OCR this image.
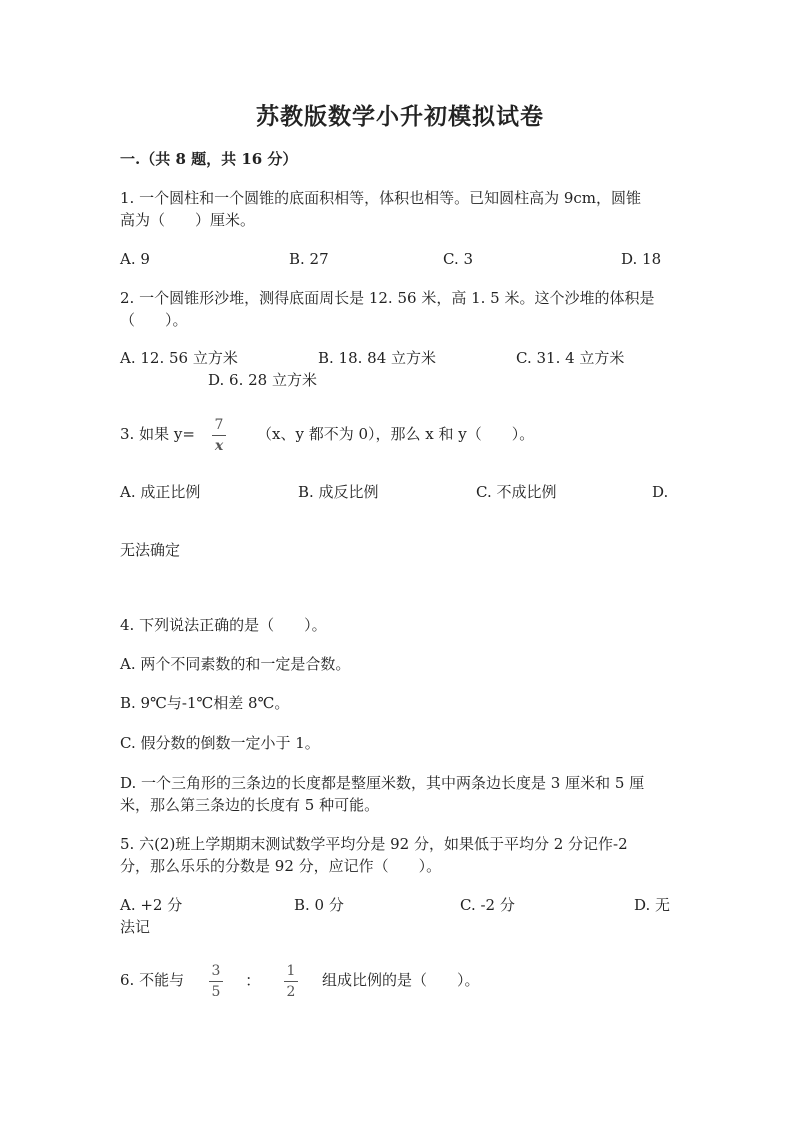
苏教版数学小升初模拟试卷
一.（共 8 题，共 16 分）
1. 一个圆柱和一个圆锥的底面积相等，体积也相等。已知圆柱高为 9cm，圆锥
高为（　　）厘米。
A. 9	B. 27	C. 3	D. 18
2. 一个圆锥形沙堆，测得底面周长是 12. 56 米，高 1. 5 米。这个沙堆的体积是
（　　）。
A. 12. 56 立方米	B. 18. 84 立方米	C. 31. 4 立方米
D. 6. 28 立方米
3. 如果 y= 7
x
（x、y 都不为 0），那么 x 和 y（　　）。
A. 成正比例	B. 成反比例	C. 不成比例	D.
无法确定
4. 下列说法正确的是（　　）。
A. 两个不同素数的和一定是合数。
B. 9℃与-1℃相差 8℃。
C. 假分数的倒数一定小于 1。
D. 一个三角形的三条边的长度都是整厘米数，其中两条边长度是 3 厘米和 5 厘
米，那么第三条边的长度有 5 种可能。
5. 六(2)班上学期期末测试数学平均分是 92 分，如果低于平均分 2 分记作-2
分，那么乐乐的分数是 92 分，应记作（　　）。
A. +2 分	B. 0 分	C. -2 分	D. 无
法记
6. 不能与 3
5
： 1
2
组成比例的是（　　）。
